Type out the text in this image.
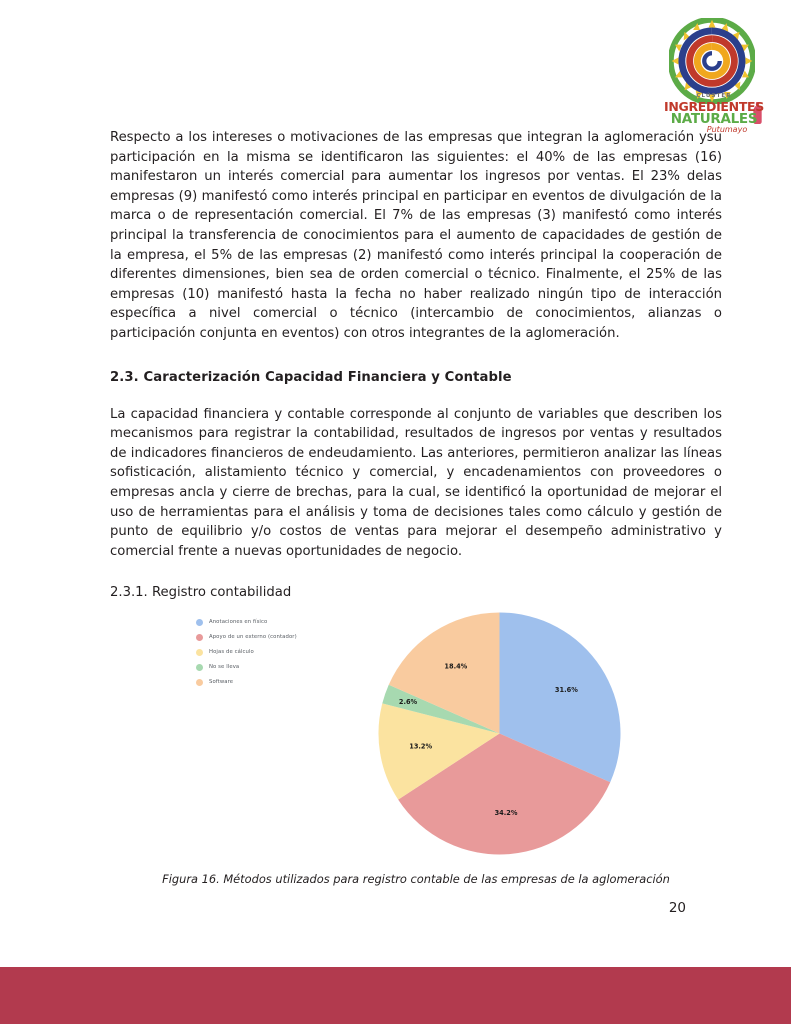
CLÚSTER
INGREDIENTES
NATURALES
Putumayo

Respecto a los intereses o motivaciones de las empresas que integran la aglomeración ysu participación en la misma se identificaron las siguientes: el 40% de las empresas (16) manifestaron un interés comercial para aumentar los ingresos por ventas. El 23% delas empresas (9) manifestó como interés principal en participar en eventos de divulgación de la marca o de representación comercial. El 7% de las empresas (3) manifestó como interés principal la transferencia de conocimientos para el aumento de capacidades de gestión de la empresa, el 5% de las empresas (2) manifestó como interés principal la cooperación de diferentes dimensiones, bien sea de orden comercial o técnico. Finalmente, el 25% de las empresas (10) manifestó hasta la fecha no haber realizado ningún tipo de interacción específica a nivel comercial o técnico (intercambio de conocimientos, alianzas o participación conjunta en eventos) con otros integrantes de la aglomeración.

2.3. Caracterización Capacidad Financiera y Contable

La capacidad financiera y contable corresponde al conjunto de variables que describen los mecanismos para registrar la contabilidad, resultados de ingresos por ventas y resultados de indicadores financieros de endeudamiento. Las anteriores, permitieron analizar las líneas sofisticación, alistamiento técnico y comercial, y encadenamientos con proveedores o empresas ancla y cierre de brechas, para la cual, se identificó la oportunidad de mejorar el uso de herramientas para el análisis y toma de decisiones tales como cálculo y gestión de punto de equilibrio y/o costos de ventas para mejorar el desempeño administrativo y comercial frente a nuevas oportunidades de negocio.

2.3.1. Registro contabilidad

Anotaciones en físico
Apoyo de un externo (contador)
Hojas de cálculo
No se lleva
Software
31.6%
34.2%
13.2%
2.6%
18.4%
Figura 16. Métodos utilizados para registro contable de las empresas de la aglomeración
20
